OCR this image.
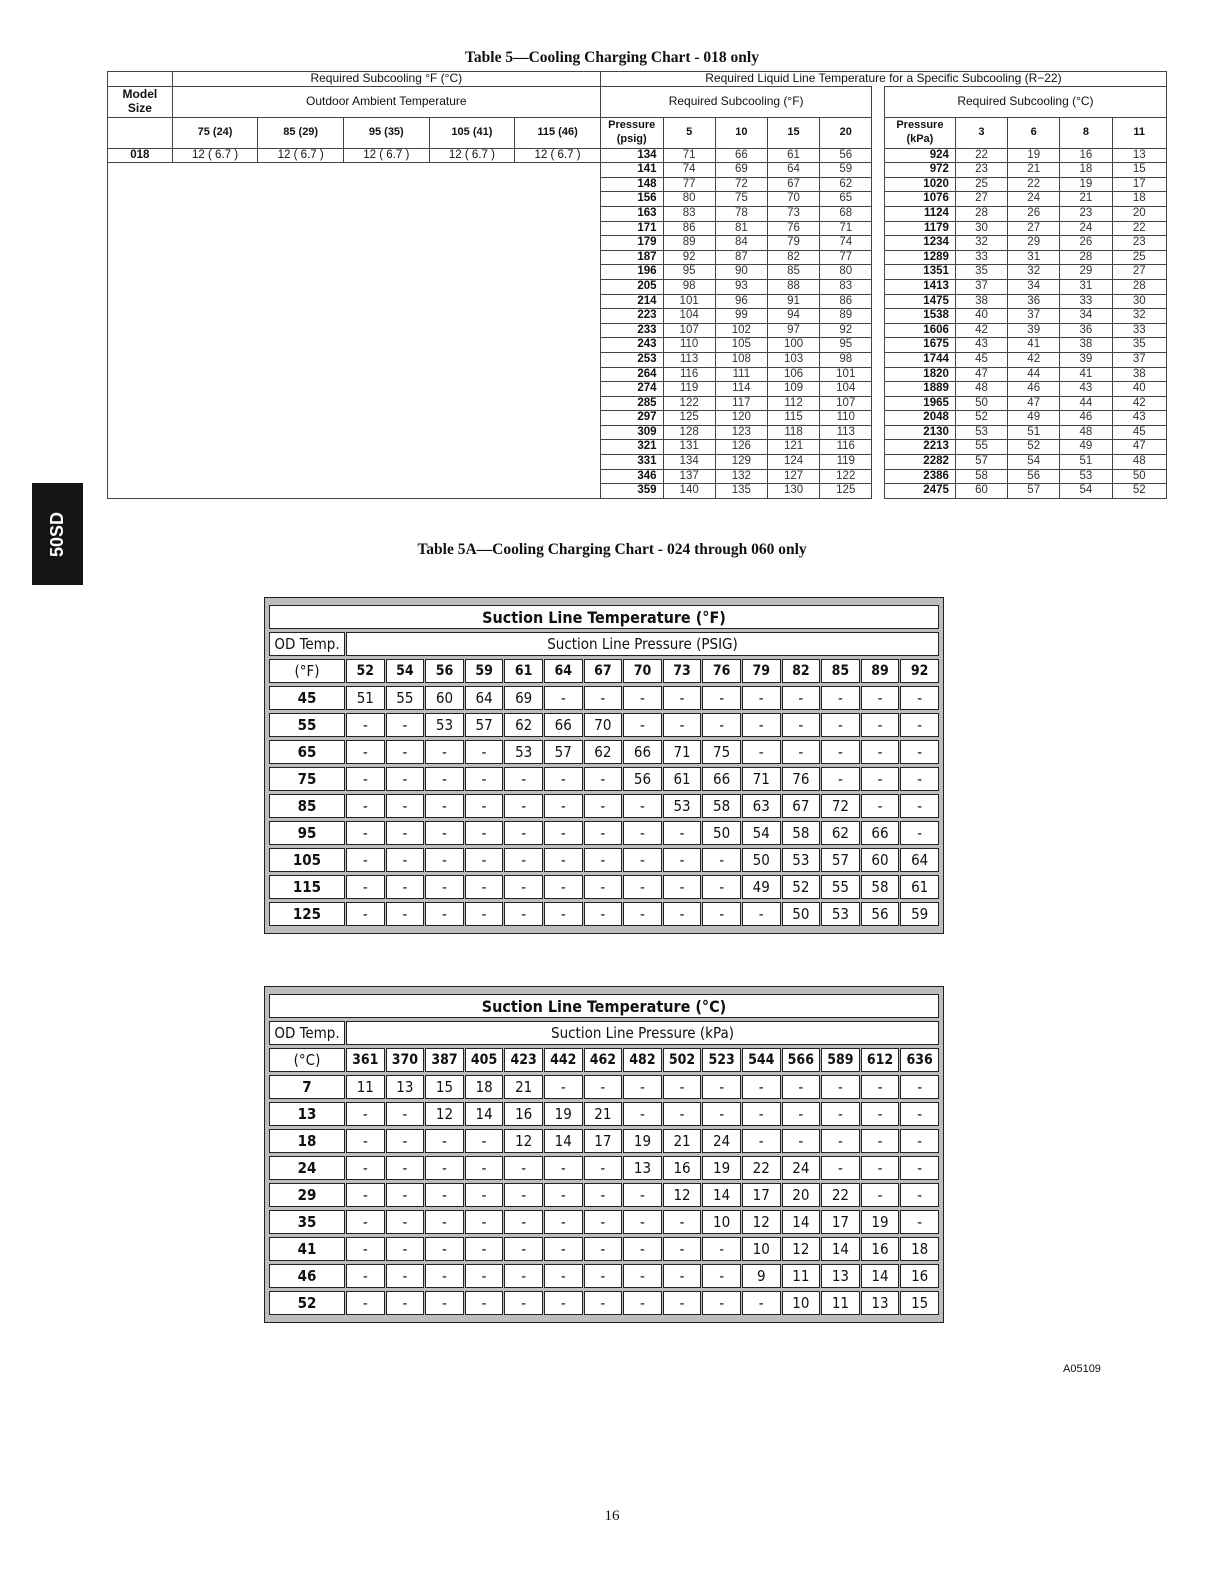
50SD
Table 5—Cooling Charging Chart - 018 only
	Required Subcooling °F (°C)					Required Liquid Line Temperature for a Specific Subcooling (R−22)										
Model Size	Outdoor Ambient Temperature					Required Subcooling (°F)						Required Subcooling (°C)				
	75 (24)	85 (29)	95 (35)	105 (41)	115 (46)	Pressure (psig)	5	10	15	20		Pressure (kPa)	3	6	8	11
018	12 ( 6.7 )	12 ( 6.7 )	12 ( 6.7 )	12 ( 6.7 )	12 ( 6.7 )	134	71	66	61	56		924	22	19	16	13
						141	74	69	64	59		972	23	21	18	15
						148	77	72	67	62		1020	25	22	19	17
						156	80	75	70	65		1076	27	24	21	18
						163	83	78	73	68		1124	28	26	23	20
						171	86	81	76	71		1179	30	27	24	22
						179	89	84	79	74		1234	32	29	26	23
						187	92	87	82	77		1289	33	31	28	25
						196	95	90	85	80		1351	35	32	29	27
						205	98	93	88	83		1413	37	34	31	28
						214	101	96	91	86		1475	38	36	33	30
						223	104	99	94	89		1538	40	37	34	32
						233	107	102	97	92		1606	42	39	36	33
						243	110	105	100	95		1675	43	41	38	35
						253	113	108	103	98		1744	45	42	39	37
						264	116	111	106	101		1820	47	44	41	38
						274	119	114	109	104		1889	48	46	43	40
						285	122	117	112	107		1965	50	47	44	42
						297	125	120	115	110		2048	52	49	46	43
						309	128	123	118	113		2130	53	51	48	45
						321	131	126	121	116		2213	55	52	49	47
						331	134	129	124	119		2282	57	54	51	48
						346	137	132	127	122		2386	58	56	53	50
						359	140	135	130	125		2475	60	57	54	52
Table 5A—Cooling Charging Chart - 024 through 060 only
Suction Line Temperature (°F)															
OD Temp.	Suction Line Pressure (PSIG)														
(°F)	52	54	56	59	61	64	67	70	73	76	79	82	85	89	92
45	51	55	60	64	69	-	-	-	-	-	-	-	-	-	-
55	-	-	53	57	62	66	70	-	-	-	-	-	-	-	-
65	-	-	-	-	53	57	62	66	71	75	-	-	-	-	-
75	-	-	-	-	-	-	-	56	61	66	71	76	-	-	-
85	-	-	-	-	-	-	-	-	53	58	63	67	72	-	-
95	-	-	-	-	-	-	-	-	-	50	54	58	62	66	-
105	-	-	-	-	-	-	-	-	-	-	50	53	57	60	64
115	-	-	-	-	-	-	-	-	-	-	49	52	55	58	61
125	-	-	-	-	-	-	-	-	-	-	-	50	53	56	59
Suction Line Temperature (°C)															
OD Temp.	Suction Line Pressure (kPa)														
(°C)	361	370	387	405	423	442	462	482	502	523	544	566	589	612	636
7	11	13	15	18	21	-	-	-	-	-	-	-	-	-	-
13	-	-	12	14	16	19	21	-	-	-	-	-	-	-	-
18	-	-	-	-	12	14	17	19	21	24	-	-	-	-	-
24	-	-	-	-	-	-	-	13	16	19	22	24	-	-	-
29	-	-	-	-	-	-	-	-	12	14	17	20	22	-	-
35	-	-	-	-	-	-	-	-	-	10	12	14	17	19	-
41	-	-	-	-	-	-	-	-	-	-	10	12	14	16	18
46	-	-	-	-	-	-	-	-	-	-	9	11	13	14	16
52	-	-	-	-	-	-	-	-	-	-	-	10	11	13	15
A05109
16
